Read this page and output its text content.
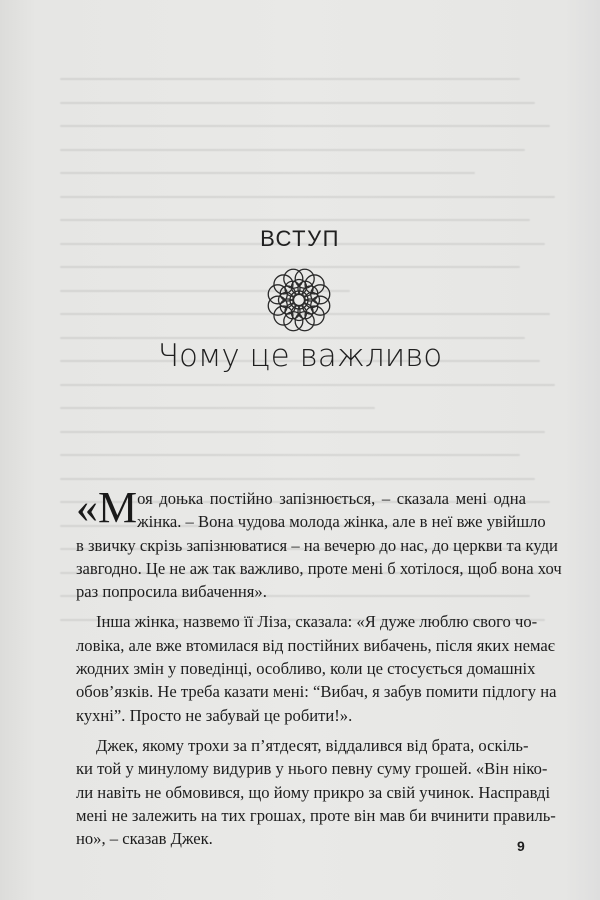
ВСТУП
Чому це важливо
«М оя доњка постійно запізнюється, – сказала мені одна
жінка. – Вона чудова молода жінка, але в неї вже увійшло
в звичку скрізь запізнюватися – на вечерю до нас, до церкви та куди
завгодно. Це не аж так важливо, проте мені б хотілося, щоб вона хоч
раз попросила вибачення».
Інша жінка, назвемо її Ліза, сказала: «Я дуже люблю свого чо-
ловіка, але вже втомилася від постійних вибачень, після яких немає
жодних змін у поведінці, особливо, коли це стосується домашніх
обов’язків. Не треба казати мені: “Вибач, я забув помити підлогу на
кухні”. Просто не забувай це робити!».
Джек, якому трохи за п’ятдесят, віддалився від брата, оскіль-
ки той у минулому видурив у нього певну суму грошей. «Він ніко-
ли навіть не обмовився, що йому прикро за свій учинок. Насправді
мені не залежить на тих грошах, проте він мав би вчинити правиль-
но», – сказав Джек.	9
